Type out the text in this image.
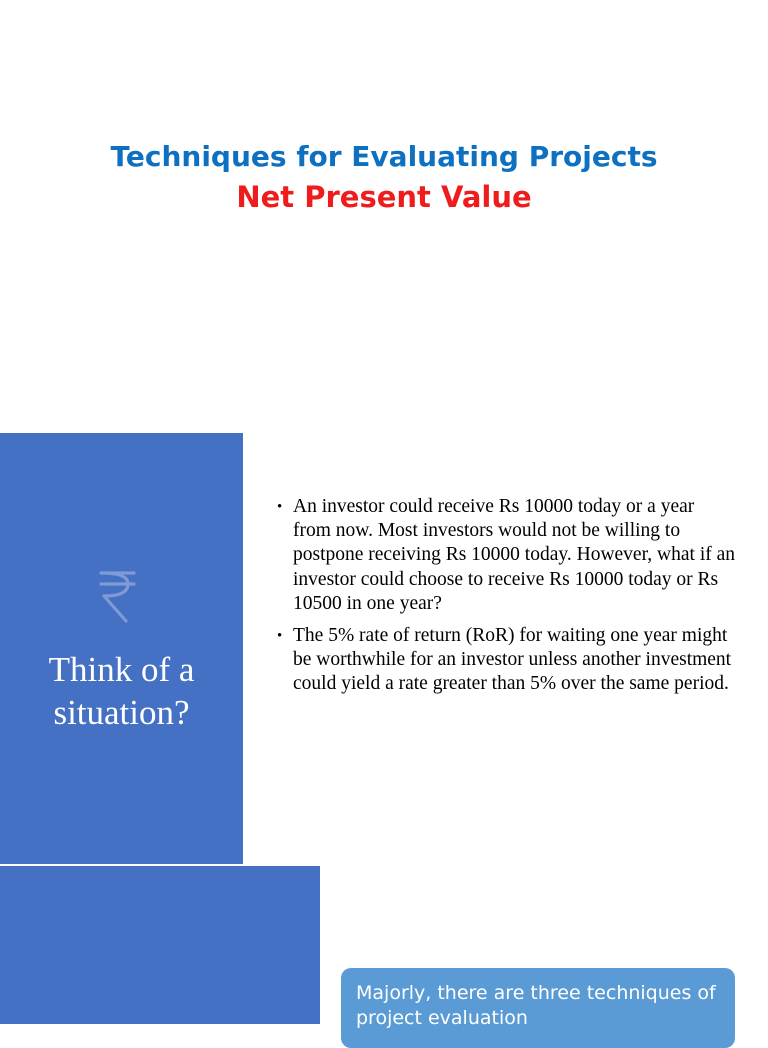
Techniques for Evaluating Projects
Net Present Value
Think of a situation?
• An investor could receive Rs 10000 today or a year from now. Most investors would not be willing to postpone receiving Rs 10000 today. However, what if an investor could choose to receive Rs 10000 today or Rs 10500 in one year?
• The 5% rate of return (RoR) for waiting one year might be worthwhile for an investor unless another investment could yield a rate greater than 5% over the same period.
Majorly, there are three techniques of project evaluation
